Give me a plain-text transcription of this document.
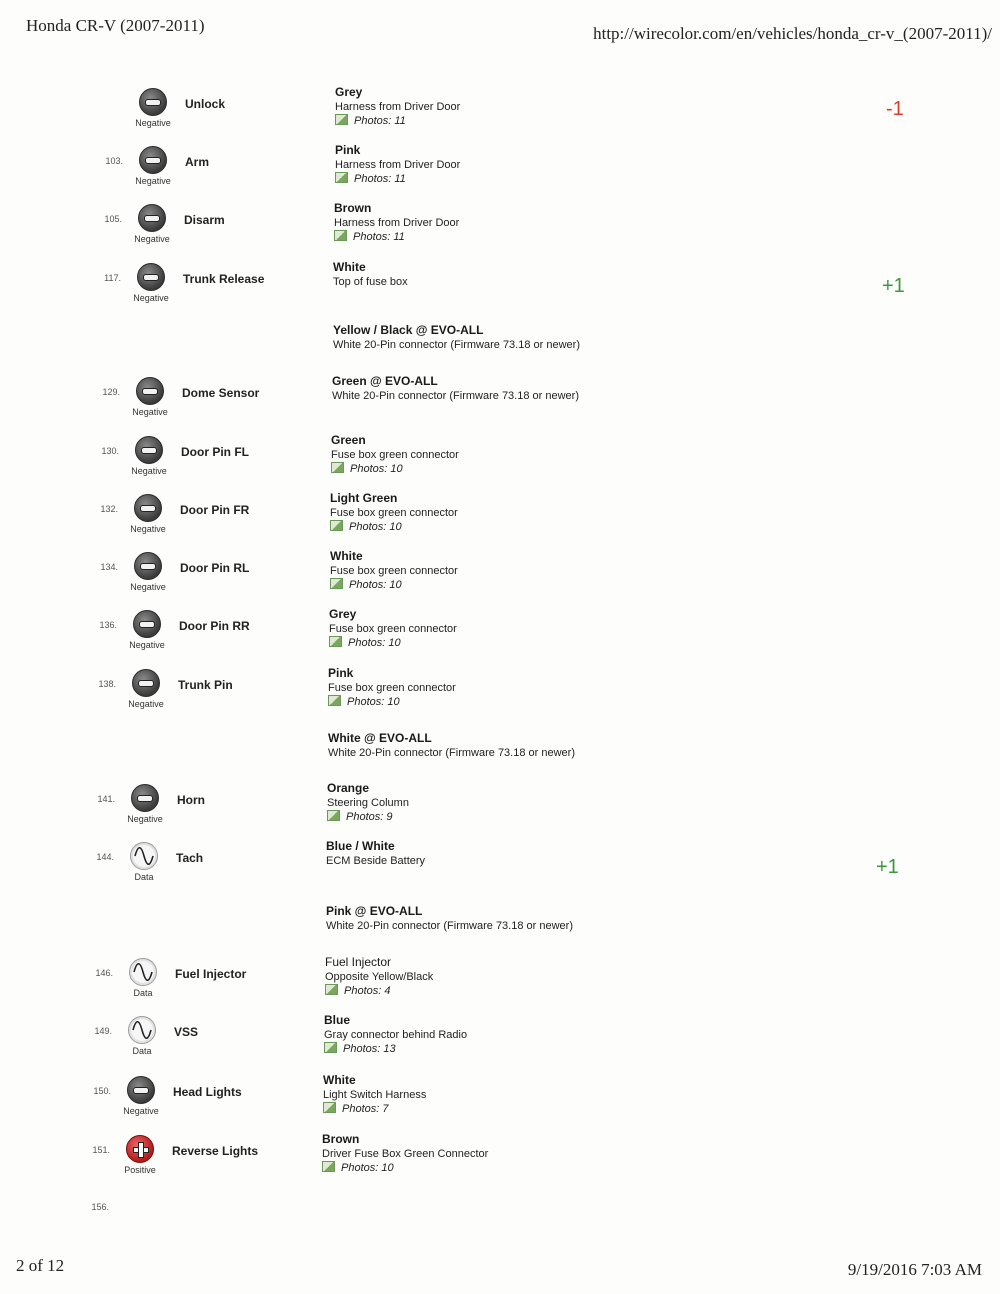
Honda CR-V (2007-2011)	http://wirecolor.com/en/vehicles/honda_cr-v_(2007-2011)/
Negative
Unlock
Grey
Harness from Driver Door
Photos: 11
103.
Negative
Arm
Pink
Harness from Driver Door
Photos: 11
105.
Negative
Disarm
Brown
Harness from Driver Door
Photos: 11
117.
Negative
Trunk Release
White
Top of fuse box
Yellow / Black @ EVO-ALL
White 20-Pin connector (Firmware 73.18 or newer)
129.
Negative
Dome Sensor
Green @ EVO-ALL
White 20-Pin connector (Firmware 73.18 or newer)
130.
Negative
Door Pin FL
Green
Fuse box green connector
Photos: 10
132.
Negative
Door Pin FR
Light Green
Fuse box green connector
Photos: 10
134.
Negative
Door Pin RL
White
Fuse box green connector
Photos: 10
136.
Negative
Door Pin RR
Grey
Fuse box green connector
Photos: 10
138.
Negative
Trunk Pin
Pink
Fuse box green connector
Photos: 10
White @ EVO-ALL
White 20-Pin connector (Firmware 73.18 or newer)
141.
Negative
Horn
Orange
Steering Column
Photos: 9
144.
Data
Tach
Blue / White
ECM Beside Battery
Pink @ EVO-ALL
White 20-Pin connector (Firmware 73.18 or newer)
146.
Data
Fuel Injector
Fuel Injector
Opposite Yellow/Black
Photos: 4
149.
Data
VSS
Blue
Gray connector behind Radio
Photos: 13
150.
Negative
Head Lights
White
Light Switch Harness
Photos: 7
151.
Positive
Reverse Lights
Brown
Driver Fuse Box Green Connector
Photos: 10
156.
-1
+1
+1
2 of 12	9/19/2016 7:03 AM
